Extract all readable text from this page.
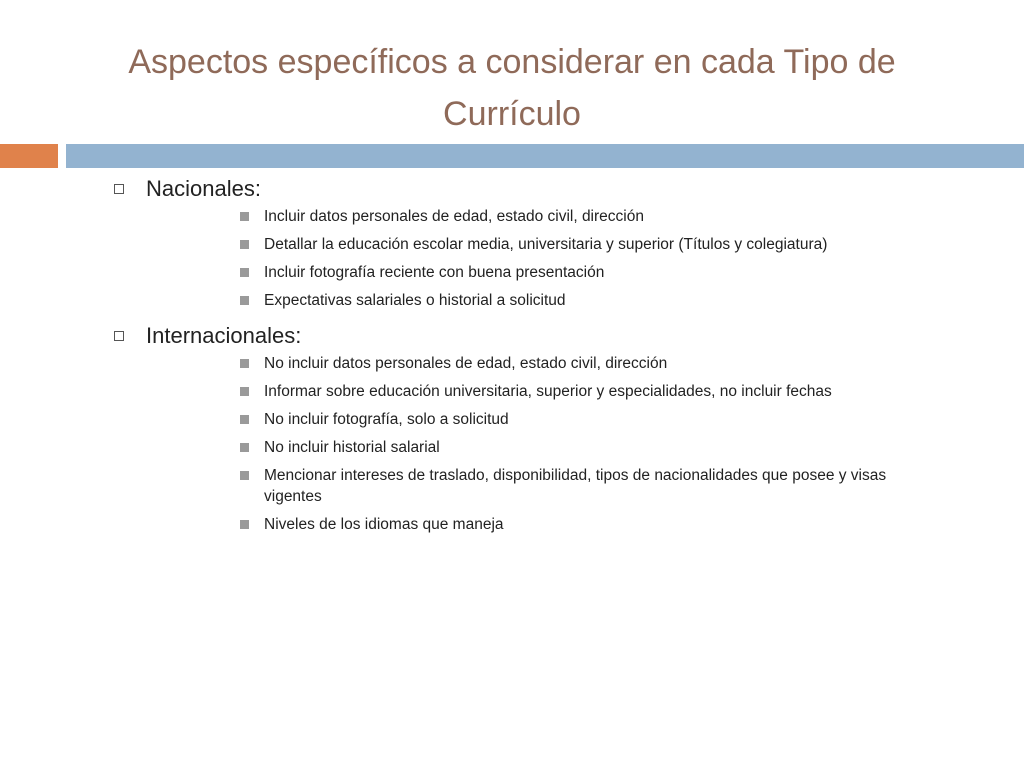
Aspectos específicos a considerar en cada Tipo de Currículo
Nacionales:
Incluir datos personales de edad, estado civil, dirección
Detallar la educación escolar media, universitaria y superior (Títulos y colegiatura)
Incluir fotografía reciente con buena presentación
Expectativas salariales o historial a solicitud
Internacionales:
No incluir datos personales de edad, estado civil, dirección
Informar sobre educación universitaria, superior y especialidades, no incluir fechas
No incluir fotografía, solo a solicitud
No incluir historial salarial
Mencionar intereses de traslado, disponibilidad, tipos de nacionalidades que posee y visas vigentes
Niveles de los idiomas que maneja
